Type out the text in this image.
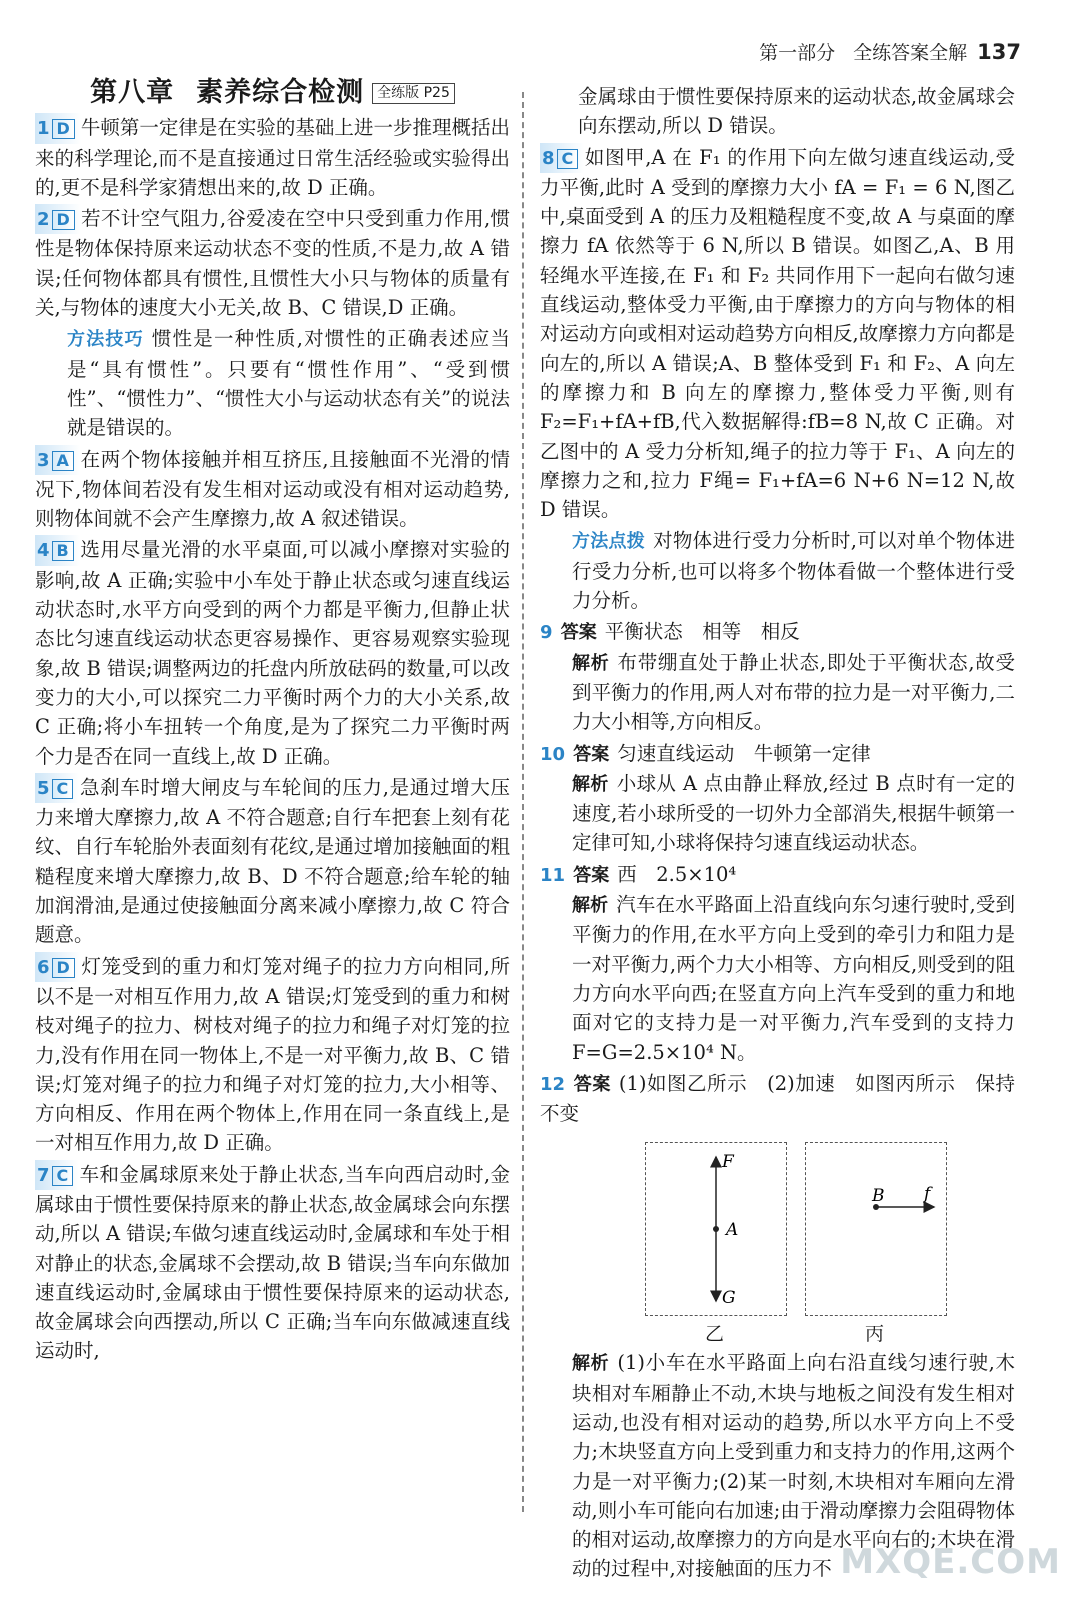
第一部分 全练答案全解 137
第八章 素养综合检测 全练版 P25
1 D 牛顿第一定律是在实验的基础上进一步推理概括出来的科学理论,而不是直接通过日常生活经验或实验得出的,更不是科学家猜想出来的,故 D 正确。
2 D 若不计空气阻力,谷爱凌在空中只受到重力作用,惯性是物体保持原来运动状态不变的性质,不是力,故 A 错误;任何物体都具有惯性,且惯性大小只与物体的质量有关,与物体的速度大小无关,故 B、C 错误,D 正确。
方法技巧 惯性是一种性质,对惯性的正确表述应当是“具有惯性”。只要有“惯性作用”、“受到惯性”、“惯性力”、“惯性大小与运动状态有关”的说法就是错误的。
3 A 在两个物体接触并相互挤压,且接触面不光滑的情况下,物体间若没有发生相对运动或没有相对运动趋势,则物体间就不会产生摩擦力,故 A 叙述错误。
4 B 选用尽量光滑的水平桌面,可以减小摩擦对实验的影响,故 A 正确;实验中小车处于静止状态或匀速直线运动状态时,水平方向受到的两个力都是平衡力,但静止状态比匀速直线运动状态更容易操作、更容易观察实验现象,故 B 错误;调整两边的托盘内所放砝码的数量,可以改变力的大小,可以探究二力平衡时两个力的大小关系,故 C 正确;将小车扭转一个角度,是为了探究二力平衡时两个力是否在同一直线上,故 D 正确。
5 C 急刹车时增大闸皮与车轮间的压力,是通过增大压力来增大摩擦力,故 A 不符合题意;自行车把套上刻有花纹、自行车轮胎外表面刻有花纹,是通过增加接触面的粗糙程度来增大摩擦力,故 B、D 不符合题意;给车轮的轴加润滑油,是通过使接触面分离来减小摩擦力,故 C 符合题意。
6 D 灯笼受到的重力和灯笼对绳子的拉力方向相同,所以不是一对相互作用力,故 A 错误;灯笼受到的重力和树枝对绳子的拉力、树枝对绳子的拉力和绳子对灯笼的拉力,没有作用在同一物体上,不是一对平衡力,故 B、C 错误;灯笼对绳子的拉力和绳子对灯笼的拉力,大小相等、方向相反、作用在两个物体上,作用在同一条直线上,是一对相互作用力,故 D 正确。
7 C 车和金属球原来处于静止状态,当车向西启动时,金属球由于惯性要保持原来的静止状态,故金属球会向东摆动,所以 A 错误;车做匀速直线运动时,金属球和车处于相对静止的状态,金属球不会摆动,故 B 错误;当车向东做加速直线运动时,金属球由于惯性要保持原来的运动状态,故金属球会向西摆动,所以 C 正确;当车向东做减速直线运动时,
金属球由于惯性要保持原来的运动状态,故金属球会向东摆动,所以 D 错误。
8 C 如图甲,A 在 F₁ 的作用下向左做匀速直线运动,受力平衡,此时 A 受到的摩擦力大小 fA = F₁ = 6 N,图乙中,桌面受到 A 的压力及粗糙程度不变,故 A 与桌面的摩擦力 fA 依然等于 6 N,所以 B 错误。如图乙,A、B 用轻绳水平连接,在 F₁ 和 F₂ 共同作用下一起向右做匀速直线运动,整体受力平衡,由于摩擦力的方向与物体的相对运动方向或相对运动趋势方向相反,故摩擦力方向都是向左的,所以 A 错误;A、B 整体受到 F₁ 和 F₂、A 向左的摩擦力和 B 向左的摩擦力,整体受力平衡,则有 F₂=F₁+fA+fB,代入数据解得:fB=8 N,故 C 正确。对乙图中的 A 受力分析知,绳子的拉力等于 F₁、A 向左的摩擦力之和,拉力 F绳= F₁+fA=6 N+6 N=12 N,故 D 错误。
方法点拨 对物体进行受力分析时,可以对单个物体进行受力分析,也可以将多个物体看做一个整体进行受力分析。
9 答案 平衡状态　相等　相反
解析 布带绷直处于静止状态,即处于平衡状态,故受到平衡力的作用,两人对布带的拉力是一对平衡力,二力大小相等,方向相反。
10 答案 匀速直线运动　牛顿第一定律
解析 小球从 A 点由静止释放,经过 B 点时有一定的速度,若小球所受的一切外力全部消失,根据牛顿第一定律可知,小球将保持匀速直线运动状态。
11 答案 西　2.5×10⁴
解析 汽车在水平路面上沿直线向东匀速行驶时,受到平衡力的作用,在水平方向上受到的牵引力和阻力是一对平衡力,两个力大小相等、方向相反,则受到的阻力方向水平向西;在竖直方向上汽车受到的重力和地面对它的支持力是一对平衡力,汽车受到的支持力 F=G=2.5×10⁴ N。
12 答案 (1)如图乙所示　(2)加速　如图丙所示　保持不变
F
A
G
乙
B f
丙
解析 (1)小车在水平路面上向右沿直线匀速行驶,木块相对车厢静止不动,木块与地板之间没有发生相对运动,也没有相对运动的趋势,所以水平方向上不受力;木块竖直方向上受到重力和支持力的作用,这两个力是一对平衡力;(2)某一时刻,木块相对车厢向左滑动,则小车可能向右加速;由于滑动摩擦力会阻碍物体的相对运动,故摩擦力的方向是水平向右的;木块在滑动的过程中,对接触面的压力不 MXQE.COM
